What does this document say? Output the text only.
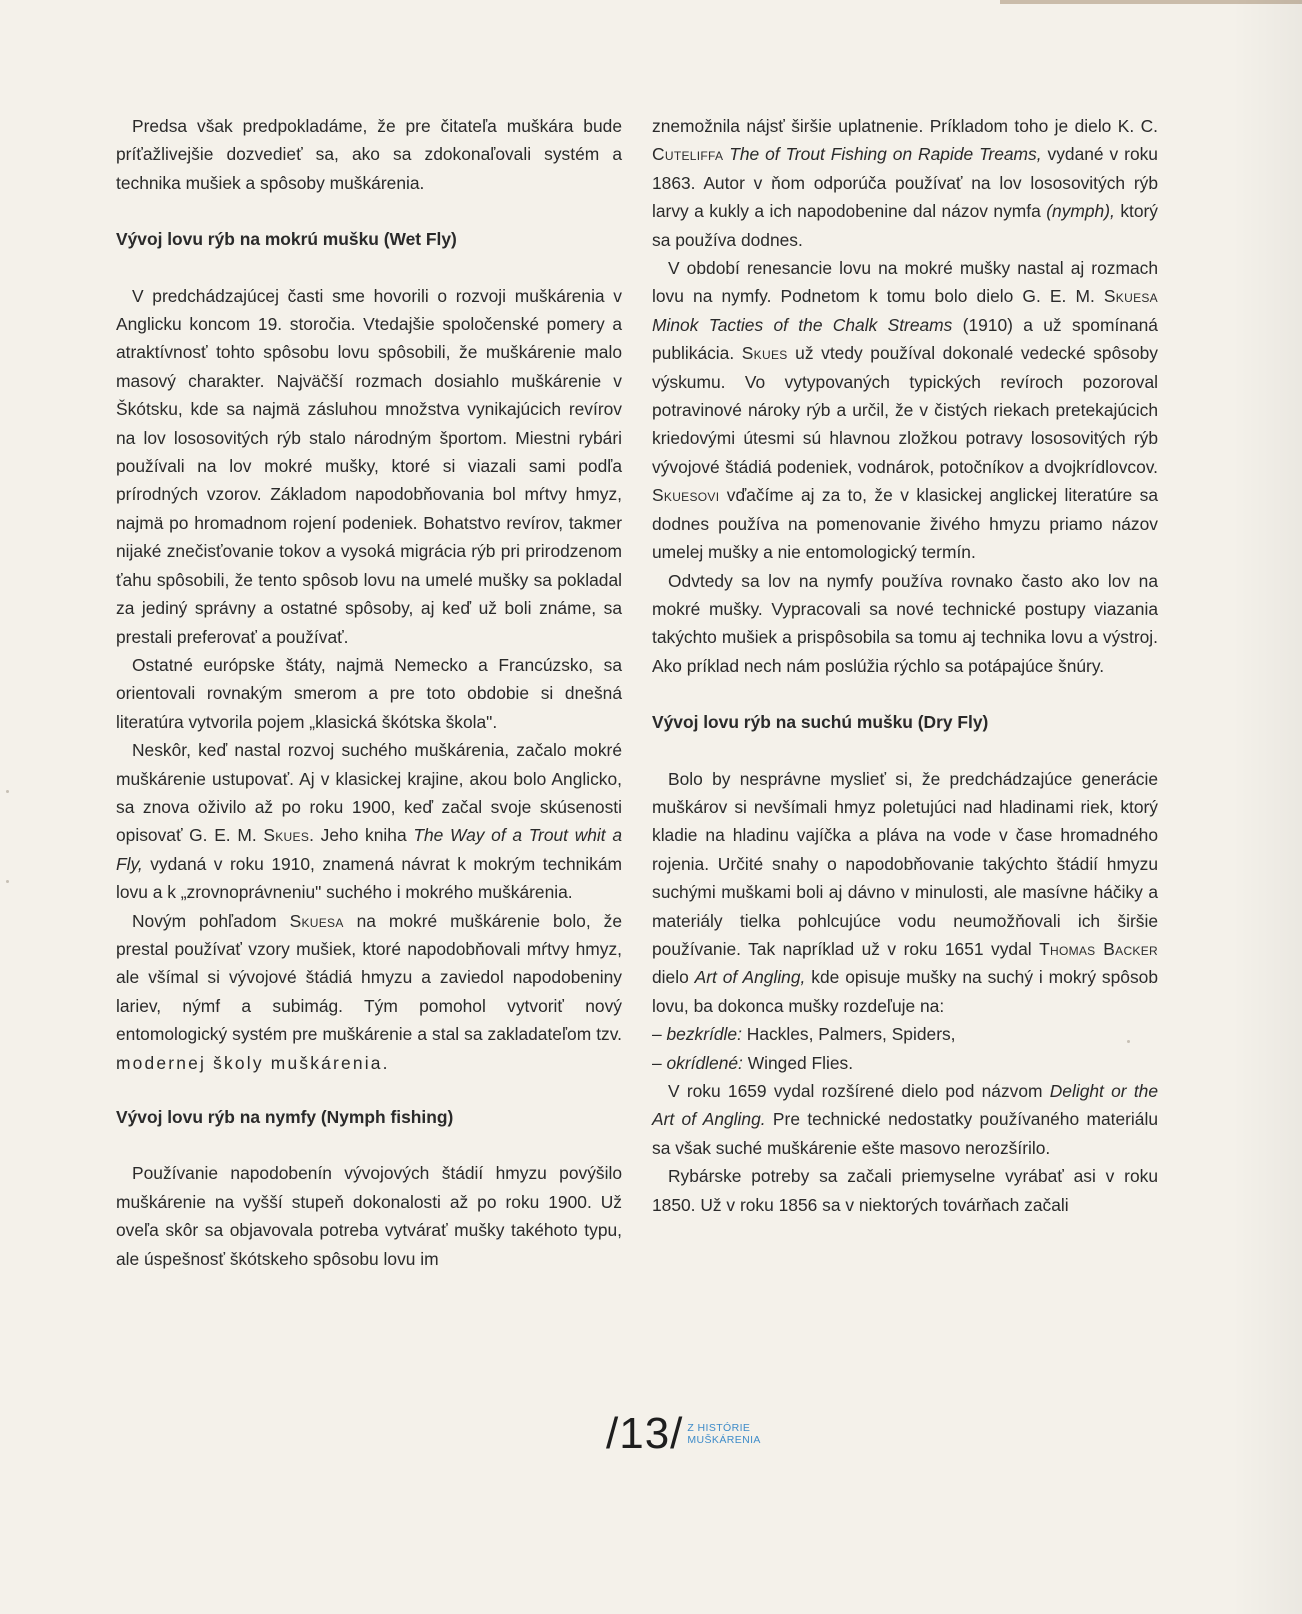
Predsa však predpokladáme, že pre čitateľa muškára bude príťažlivejšie dozvedieť sa, ako sa zdokonaľovali systém a technika mušiek a spôsoby muškárenia.

Vývoj lovu rýb na mokrú mušku (Wet Fly)

V predchádzajúcej časti sme hovorili o rozvoji muškárenia v Anglicku koncom 19. storočia. Vtedajšie spoločenské pomery a atraktívnosť tohto spôsobu lovu spôsobili, že muškárenie malo masový charakter. Najväčší rozmach dosiahlo muškárenie v Škótsku, kde sa najmä zásluhou množstva vynikajúcich revírov na lov lososovitých rýb stalo národným športom. Miestni rybári používali na lov mokré mušky, ktoré si viazali sami podľa prírodných vzorov. Základom napodobňovania bol mŕtvy hmyz, najmä po hromadnom rojení podeniek. Bohatstvo revírov, takmer nijaké znečisťovanie tokov a vysoká migrácia rýb pri prirodzenom ťahu spôsobili, že tento spôsob lovu na umelé mušky sa pokladal za jediný správny a ostatné spôsoby, aj keď už boli známe, sa prestali preferovať a používať.

Ostatné európske štáty, najmä Nemecko a Francúzsko, sa orientovali rovnakým smerom a pre toto obdobie si dnešná literatúra vytvorila pojem „klasická škótska škola".

Neskôr, keď nastal rozvoj suchého muškárenia, začalo mokré muškárenie ustupovať. Aj v klasickej krajine, akou bolo Anglicko, sa znova oživilo až po roku 1900, keď začal svoje skúsenosti opisovať G. E. M. Skues. Jeho kniha The Way of a Trout whit a Fly, vydaná v roku 1910, znamená návrat k mokrým technikám lovu a k „zrovnoprávneniu" suchého i mokrého muškárenia.

Novým pohľadom Skuesa na mokré muškárenie bolo, že prestal používať vzory mušiek, ktoré napodobňovali mŕtvy hmyz, ale všímal si vývojové štádiá hmyzu a zaviedol napodobeniny lariev, nýmf a subimág. Tým pomohol vytvoriť nový entomologický systém pre muškárenie a stal sa zakladateľom tzv. modernej školy muškárenia.

Vývoj lovu rýb na nymfy (Nymph fishing)

Používanie napodobenín vývojových štádií hmyzu povýšilo muškárenie na vyšší stupeň dokonalosti až po roku 1900. Už oveľa skôr sa objavovala potreba vytvárať mušky takéhoto typu, ale úspešnosť škótskeho spôsobu lovu im

znemožnila nájsť širšie uplatnenie. Príkladom toho je dielo K. C. Cuteliffa The of Trout Fishing on Rapide Treams, vydané v roku 1863. Autor v ňom odporúča používať na lov lososovitých rýb larvy a kukly a ich napodobenine dal názov nymfa (nymph), ktorý sa používa dodnes.

V období renesancie lovu na mokré mušky nastal aj rozmach lovu na nymfy. Podnetom k tomu bolo dielo G. E. M. Skuesa Minok Tacties of the Chalk Streams (1910) a už spomínaná publikácia. Skues už vtedy používal dokonalé vedecké spôsoby výskumu. Vo vytypovaných typických revíroch pozoroval potravinové nároky rýb a určil, že v čistých riekach pretekajúcich kriedovými útesmi sú hlavnou zložkou potravy lososovitých rýb vývojové štádiá podeniek, vodnárok, potočníkov a dvojkrídlovcov. Skuesovi vďačíme aj za to, že v klasickej anglickej literatúre sa dodnes používa na pomenovanie živého hmyzu priamo názov umelej mušky a nie entomologický termín.

Odvtedy sa lov na nymfy používa rovnako často ako lov na mokré mušky. Vypracovali sa nové technické postupy viazania takýchto mušiek a prispôsobila sa tomu aj technika lovu a výstroj. Ako príklad nech nám poslúžia rýchlo sa potápajúce šnúry.

Vývoj lovu rýb na suchú mušku (Dry Fly)

Bolo by nesprávne myslieť si, že predchádzajúce generácie muškárov si nevšímali hmyz poletujúci nad hladinami riek, ktorý kladie na hladinu vajíčka a pláva na vode v čase hromadného rojenia. Určité snahy o napodobňovanie takýchto štádií hmyzu suchými muškami boli aj dávno v minulosti, ale masívne háčiky a materiály tielka pohlcujúce vodu neumožňovali ich širšie používanie. Tak napríklad už v roku 1651 vydal Thomas Backer dielo Art of Angling, kde opisuje mušky na suchý i mokrý spôsob lovu, ba dokonca mušky rozdeľuje na:

– bezkrídle: Hackles, Palmers, Spiders,

– okrídlené: Winged Flies.

V roku 1659 vydal rozšírené dielo pod názvom Delight or the Art of Angling. Pre technické nedostatky používaného materiálu sa však suché muškárenie ešte masovo nerozšírilo.

Rybárske potreby sa začali priemyselne vyrábať asi v roku 1850. Už v roku 1856 sa v niektorých továrňach začali

/13/ Z HISTÓRIE
MUŠKÁRENIA
